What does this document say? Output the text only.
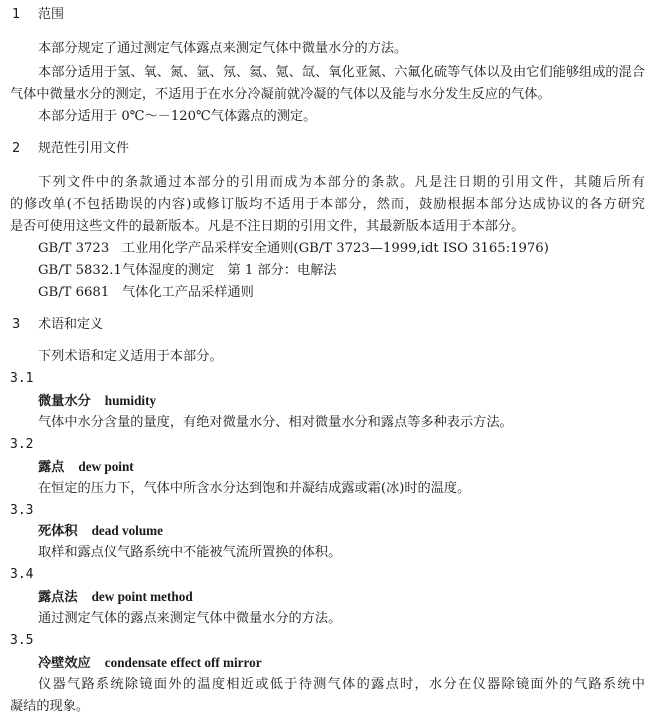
1 范围
本部分规定了通过测定气体露点来测定气体中微量水分的方法。
本部分适用于氢、氧、氮、氩、氖、氦、氪、氙、氧化亚氮、六氟化硫等气体以及由它们能够组成的混合
气体中微量水分的测定，不适用于在水分冷凝前就冷凝的气体以及能与水分发生反应的气体。
本部分适用于 0℃～－120℃气体露点的测定。
2 规范性引用文件
下列文件中的条款通过本部分的引用而成为本部分的条款。凡是注日期的引用文件，其随后所有
的修改单(不包括勘误的内容)或修订版均不适用于本部分，然而，鼓励根据本部分达成协议的各方研究
是否可使用这些文件的最新版本。凡是不注日期的引用文件，其最新版本适用于本部分。
GB/T 3723 工业用化学产品采样安全通则(GB/T 3723—1999,idt ISO 3165:1976)
GB/T 5832.1气体湿度的测定　第 1 部分：电解法
GB/T 6681 气体化工产品采样通则
3 术语和定义
下列术语和定义适用于本部分。
3.1
微量水分 humidity
气体中水分含量的量度，有绝对微量水分、相对微量水分和露点等多种表示方法。
3.2
露点 dew point
在恒定的压力下，气体中所含水分达到饱和并凝结成露或霜(冰)时的温度。
3.3
死体积 dead volume
取样和露点仪气路系统中不能被气流所置换的体积。
3.4
露点法 dew point method
通过测定气体的露点来测定气体中微量水分的方法。
3.5
冷壁效应 condensate effect off mirror
仪器气路系统除镜面外的温度相近或低于待测气体的露点时，水分在仪器除镜面外的气路系统中
凝结的现象。
